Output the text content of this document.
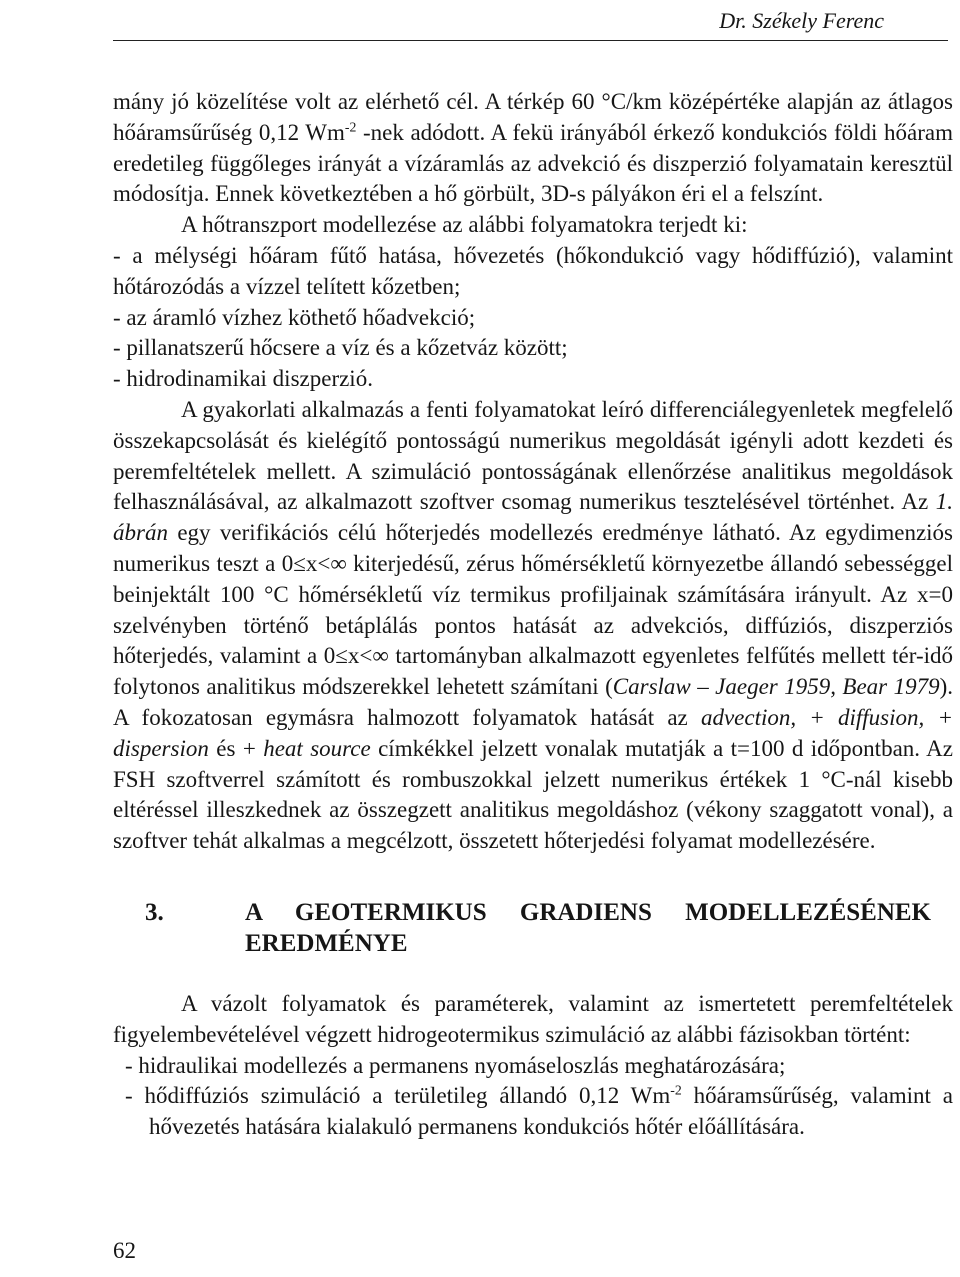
Dr. Székely Ferenc

mány jó közelítése volt az elérhető cél. A térkép 60 °C/km középértéke alapján az átlagos hőáramsűrűség 0,12 $Wm^{-2}$ -nek adódott. A fekü irányából érkező kondukciós földi hőáram eredetileg függőleges irányát a vízáramlás az advekció és diszperzió folyamatain keresztül módosítja. Ennek következtében a hő görbült, 3D-s pályákon éri el a felszínt.

A hőtranszport modellezése az alábbi folyamatokra terjedt ki:

- a mélységi hőáram fűtő hatása, hővezetés (hőkondukció vagy hődiffúzió), valamint hőtározódás a vízzel telített kőzetben;
- az áramló vízhez köthető hőadvekció;
- pillanatszerű hőcsere a víz és a kőzetváz között;
- hidrodinamikai diszperzió.

A gyakorlati alkalmazás a fenti folyamatokat leíró differenciálegyenletek megfelelő összekapcsolását és kielégítő pontosságú numerikus megoldását igényli adott kezdeti és peremfeltételek mellett. A szimuláció pontosságának ellenőrzése analitikus megoldások felhasználásával, az alkalmazott szoftver csomag numerikus tesztelésével történhet. Az 1. ábrán egy verifikációs célú hőterjedés modellezés eredménye látható. Az egydimenziós numerikus teszt a 0≤x<∞ kiterjedésű, zérus hőmérsékletű környezetbe állandó sebességgel beinjektált 100 °C hőmérsékletű víz termikus profiljainak számítására irányult. Az x=0 szelvényben történő betáplálás pontos hatását az advekciós, diffúziós, diszperziós hőterjedés, valamint a 0≤x<∞ tartományban alkalmazott egyenletes felfűtés mellett tér-idő folytonos analitikus módszerekkel lehetett számítani (Carslaw – Jaeger 1959, Bear 1979). A fokozatosan egymásra halmozott folyamatok hatását az advection, + diffusion, + dispersion és + heat source címkékkel jelzett vonalak mutatják a t=100 d időpontban. Az FSH szoftverrel számított és rombuszokkal jelzett numerikus értékek 1 °C-nál kisebb eltéréssel illeszkednek az összegzett analitikus megoldáshoz (vékony szaggatott vonal), a szoftver tehát alkalmas a megcélzott, összetett hőterjedési folyamat modellezésére.

3.	A GEOTERMIKUS GRADIENS MODELLEZÉSÉNEK
EREDMÉNYE

A vázolt folyamatok és paraméterek, valamint az ismertetett peremfeltételek figyelembevételével végzett hidrogeotermikus szimuláció az alábbi fázisokban történt:

- hidraulikai modellezés a permanens nyomáseloszlás meghatározására;
- hődiffúziós szimuláció a területileg állandó 0,12 $Wm^{-2}$ hőáramsűrűség, valamint a hővezetés hatására kialakuló permanens kondukciós hőtér előállítására.
62
